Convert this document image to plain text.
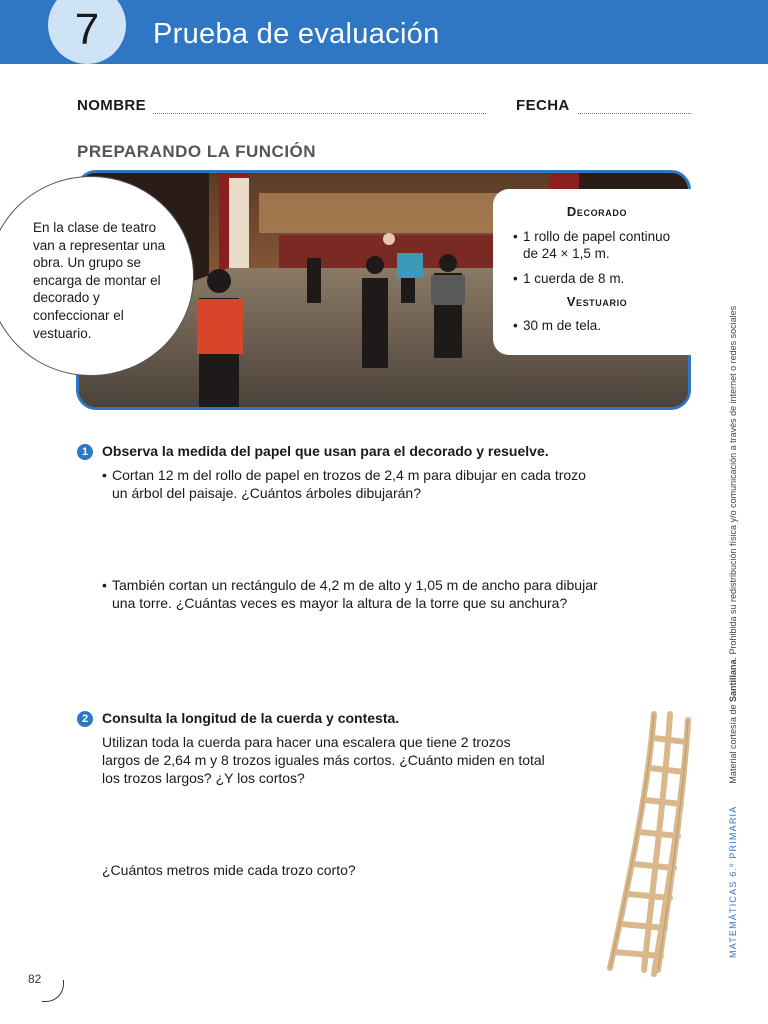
7	Prueba de evaluación
NOMBRE	FECHA
PREPARANDO LA FUNCIÓN
En la clase de teatro van a representar una obra. Un grupo se encarga de montar el decorado y confeccionar el vestuario.
Decorado
• 1 rollo de papel continuo de 24 × 1,5 m.
• 1 cuerda de 8 m.
Vestuario
• 30 m de tela.
1 Observa la medida del papel que usan para el decorado y resuelve.
• Cortan 12 m del rollo de papel en trozos de 2,4 m para dibujar en cada trozo un árbol del paisaje. ¿Cuántos árboles dibujarán?
• También cortan un rectángulo de 4,2 m de alto y 1,05 m de ancho para dibujar una torre. ¿Cuántas veces es mayor la altura de la torre que su anchura?
2 Consulta la longitud de la cuerda y contesta.
Utilizan toda la cuerda para hacer una escalera que tiene 2 trozos largos de 2,64 m y 8 trozos iguales más cortos. ¿Cuánto miden en total los trozos largos? ¿Y los cortos?
¿Cuántos metros mide cada trozo corto?	MATEMÁTICAS 6.º PRIMARIAMaterial cortesía de Santillana. Prohibida su redistribución física y/o comunicación a través de internet o redes sociales
82
